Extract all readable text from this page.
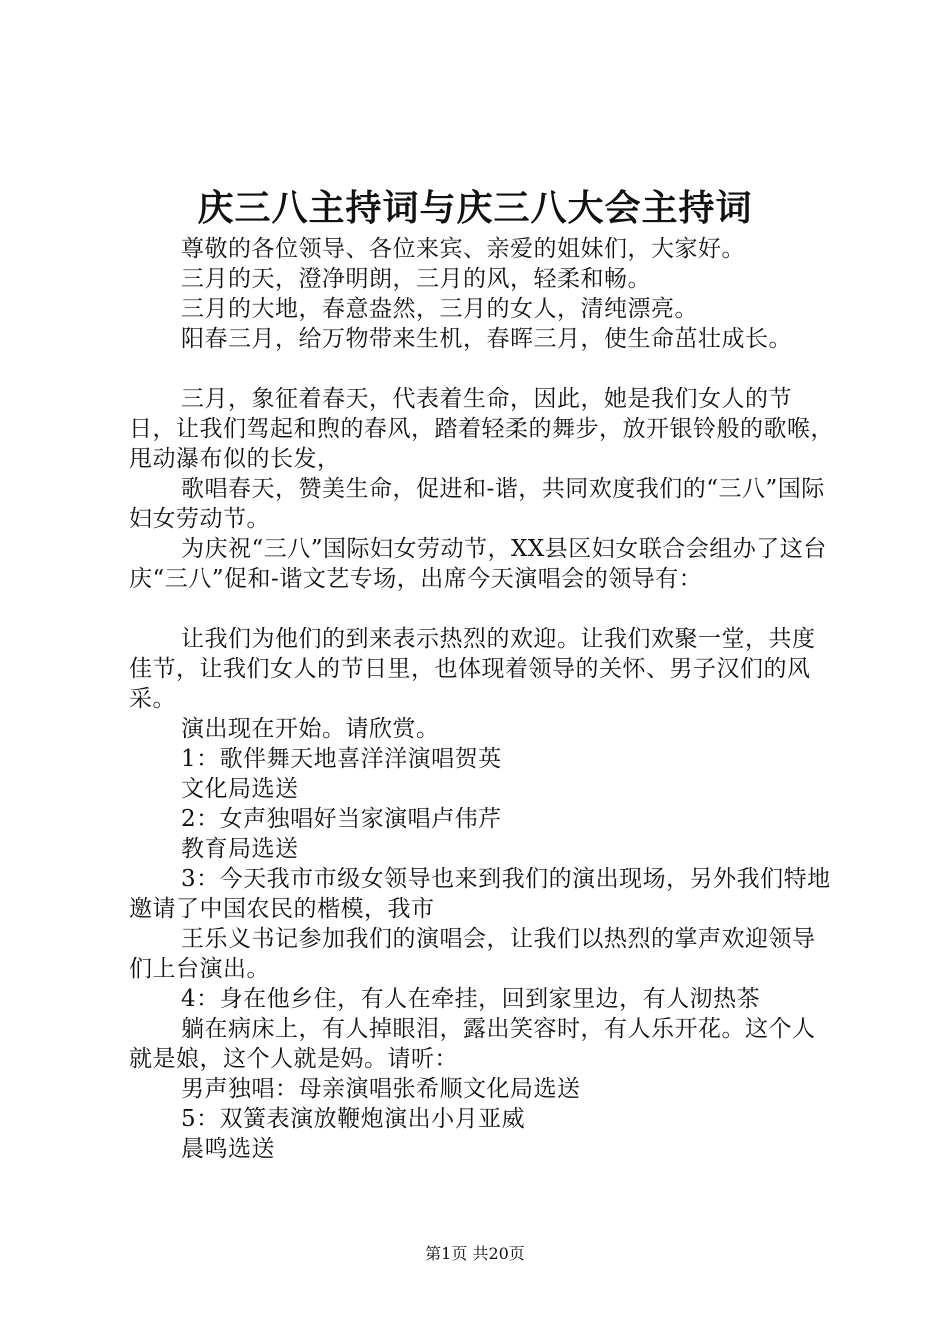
庆三八主持词与庆三八大会主持词

尊敬的各位领导、各位来宾、亲爱的姐妹们，大家好。

三月的天，澄净明朗，三月的风，轻柔和畅。

三月的大地，春意盎然，三月的女人，清纯漂亮。

阳春三月，给万物带来生机，春晖三月，使生命茁壮成长。

三月，象征着春天，代表着生命，因此，她是我们女人的节日，让我们驾起和煦的春风，踏着轻柔的舞步，放开银铃般的歌喉，甩动瀑布似的长发，

歌唱春天，赞美生命，促进和-谐，共同欢度我们的“三八”国际妇女劳动节。

为庆祝“三八”国际妇女劳动节，XX县区妇女联合会组办了这台庆“三八”促和-谐文艺专场，出席今天演唱会的领导有：

让我们为他们的到来表示热烈的欢迎。让我们欢聚一堂，共度佳节，让我们女人的节日里，也体现着领导的关怀、男子汉们的风采。

演出现在开始。请欣赏。

1：歌伴舞天地喜洋洋演唱贺英

文化局选送

2：女声独唱好当家演唱卢伟芹

教育局选送

3：今天我市市级女领导也来到我们的演出现场，另外我们特地邀请了中国农民的楷模，我市

王乐义书记参加我们的演唱会，让我们以热烈的掌声欢迎领导们上台演出。

4：身在他乡住，有人在牵挂，回到家里边，有人沏热茶

躺在病床上，有人掉眼泪，露出笑容时，有人乐开花。这个人就是娘，这个人就是妈。请听：

男声独唱：母亲演唱张希顺文化局选送

5：双簧表演放鞭炮演出小月亚威

晨鸣选送

第1页 共20页
